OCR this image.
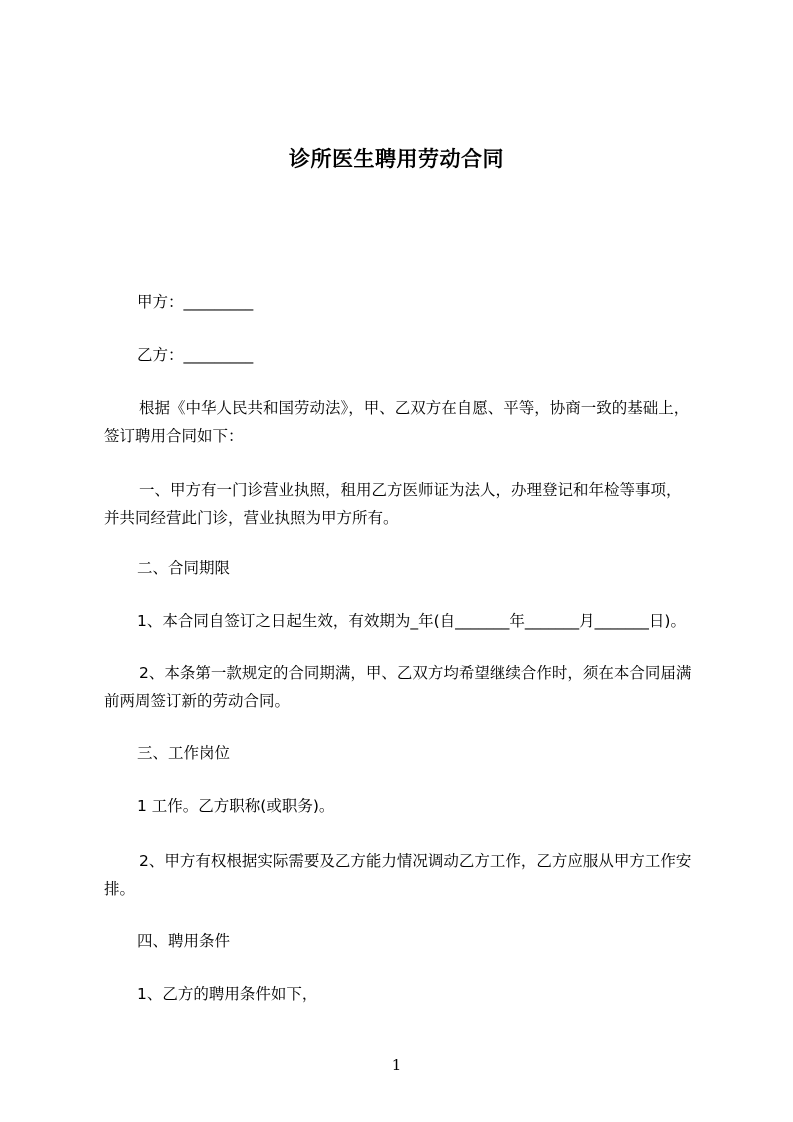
诊所医生聘用劳动合同
甲方：_________
乙方：_________
根据《中华人民共和国劳动法》，甲、乙双方在自愿、平等，协商一致的基础上，
签订聘用合同如下：
一、甲方有一门诊营业执照，租用乙方医师证为法人，办理登记和年检等事项，
并共同经营此门诊，营业执照为甲方所有。
二、合同期限
1、本合同自签订之日起生效，有效期为_年(自_______年_______月_______日)。
2、本条第一款规定的合同期满，甲、乙双方均希望继续合作时，须在本合同届满
前两周签订新的劳动合同。
三、工作岗位
1 工作。乙方职称(或职务)。
2、甲方有权根据实际需要及乙方能力情况调动乙方工作，乙方应服从甲方工作安
排。
四、聘用条件
1、乙方的聘用条件如下，
1
